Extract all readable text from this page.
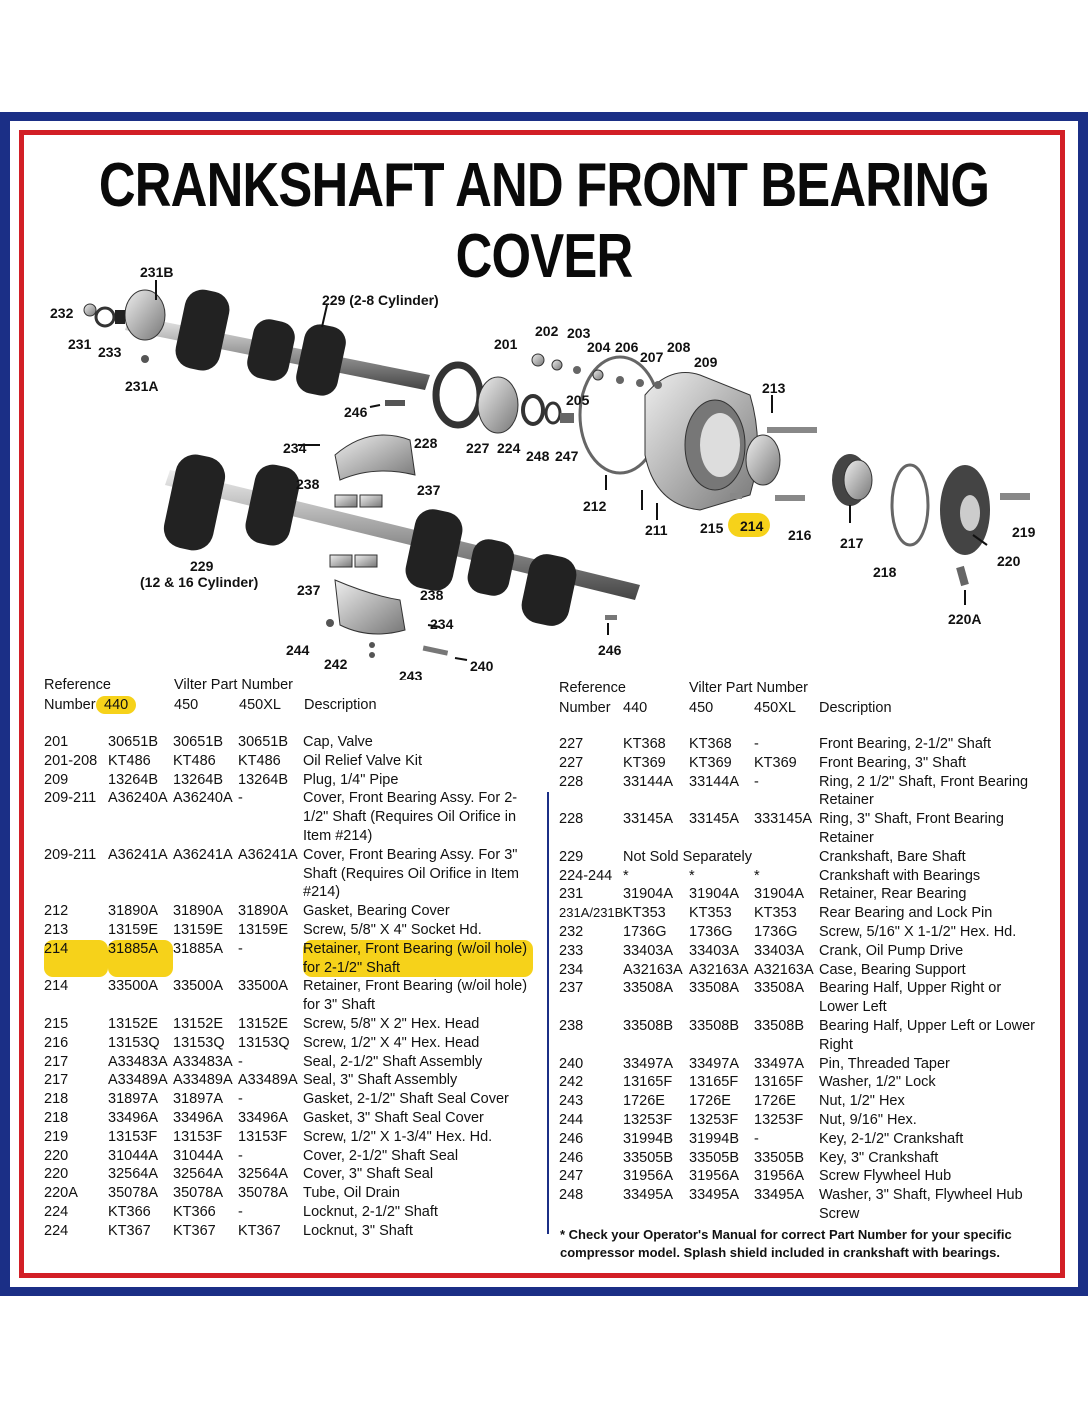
CRANKSHAFT AND FRONT BEARING COVER
231B
232
231 233
231A
229 (2-8 Cylinder)
246
234	228 227 224 248 247
201
202 203
204 206
207
208
209
205
213
212
211 215 214
216 217
218
219
220
220A
238	237
229
(12 & 16 Cylinder)	237	238
234
244
242
243
240
246
Reference	Vilter Part Number
Number 440	450	450XL	Description
201	30651B	30651B	30651B	Cap, Valve
201-208 KT486	KT486	KT486	Oil Relief Valve Kit
209	13264B	13264B	13264B	Plug, 1/4" Pipe
209-211 A36240A A36240A -	Cover, Front Bearing Assy. For 2-1/2" Shaft (Requires Oil Orifice in Item #214)
209-211 A36241A A36241A A36241A Cover, Front Bearing Assy. For 3" Shaft (Requires Oil Orifice in Item #214)
212	31890A	31890A	31890A	Gasket, Bearing Cover
213	13159E	13159E	13159E	Screw, 5/8" X 4" Socket Hd.
214	31885A	31885A	-	Retainer, Front Bearing (w/oil hole) for 2-1/2" Shaft
214	33500A	33500A	33500A	Retainer, Front Bearing (w/oil hole) for 3" Shaft
215	13152E	13152E	13152E	Screw, 5/8" X 2" Hex. Head
216	13153Q 13153Q 13153Q Screw, 1/2" X 4" Hex. Head
217	A33483A A33483A -	Seal, 2-1/2" Shaft Assembly
217	A33489A A33489A A33489A Seal, 3" Shaft Assembly
218	31897A	31897A	-	Gasket, 2-1/2" Shaft Seal Cover
218	33496A	33496A	33496A	Gasket, 3" Shaft Seal Cover
219	13153F	13153F	13153F	Screw, 1/2" X 1-3/4" Hex. Hd.
220	31044A	31044A	-	Cover, 2-1/2" Shaft Seal
220	32564A	32564A	32564A	Cover, 3" Shaft Seal
220A	35078A	35078A	35078A	Tube, Oil Drain
224	KT366	KT366	-	Locknut, 2-1/2" Shaft
224	KT367	KT367	KT367	Locknut, 3" Shaft
Reference	Vilter Part Number
Number 440	450	450XL	Description
227	KT368	KT368	-	Front Bearing, 2-1/2" Shaft
227	KT369	KT369	KT369	Front Bearing, 3" Shaft
228	33144A	33144A	-	Ring, 2 1/2" Shaft, Front Bearing Retainer
228	33145A	33145A	333145A Ring, 3" Shaft, Front Bearing Retainer
229	Not Sold Separately	Crankshaft, Bare Shaft
224-244 *	*	*	Crankshaft with Bearings
231	31904A	31904A	31904A	Retainer, Rear Bearing
231A/231B KT353	KT353	KT353	Rear Bearing and Lock Pin
232	1736G	1736G	1736G	Screw, 5/16" X 1-1/2" Hex. Hd.
233	33403A	33403A	33403A	Crank, Oil Pump Drive
234	A32163A A32163A A32163A Case, Bearing Support
237	33508A	33508A	33508A	Bearing Half, Upper Right or Lower Left
238	33508B	33508B	33508B	Bearing Half, Upper Left or Lower Right
240	33497A	33497A	33497A	Pin, Threaded Taper
242	13165F	13165F	13165F	Washer, 1/2" Lock
243	1726E	1726E	1726E	Nut, 1/2" Hex
244	13253F	13253F	13253F	Nut, 9/16" Hex.
246	31994B	31994B	-	Key, 2-1/2" Crankshaft
246	33505B	33505B	33505B	Key, 3" Crankshaft
247	31956A	31956A	31956A	Screw Flywheel Hub
248	33495A	33495A	33495A	Washer, 3" Shaft, Flywheel Hub Screw
* Check your Operator's Manual for correct Part Number for your specific compressor model. Splash shield included in crankshaft with bearings.
